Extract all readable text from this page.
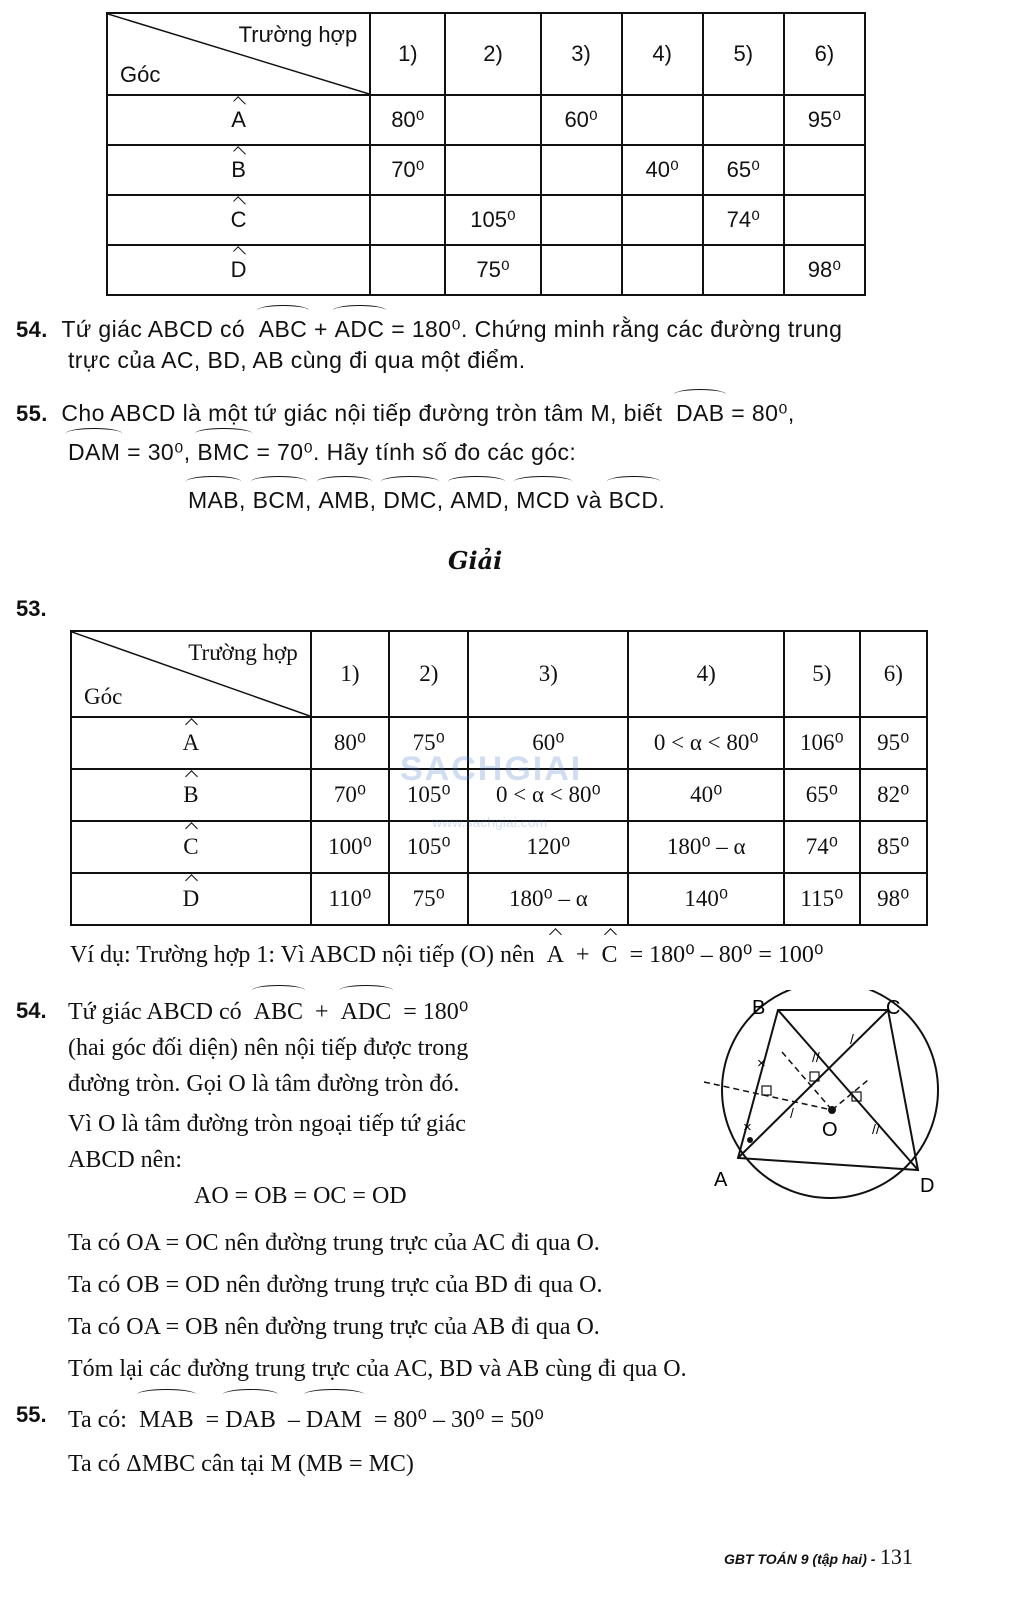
Trường hợp
Góc	1)	2)	3)	4)	5)	6)
A	80⁰		60⁰			95⁰
B	70⁰			40⁰	65⁰	
C		105⁰			74⁰	
D		75⁰				98⁰
54. Tứ giác ABCD có ABC + ADC = 180⁰. Chứng minh rằng các đường trung
trực của AC, BD, AB cùng đi qua một điểm.
55. Cho ABCD là một tứ giác nội tiếp đường tròn tâm M, biết DAB = 80⁰,
DAM = 30⁰, BMC = 70⁰. Hãy tính số đo các góc:
MAB, BCM, AMB, DMC, AMD, MCD và BCD.
Giải
53.
Trường hợp
Góc	1)	2)	3)	4)	5)	6)
A	80⁰	75⁰	60⁰	0 < α < 80⁰	106⁰	95⁰
B	70⁰	105⁰	0 < α < 80⁰	40⁰	65⁰	82⁰
C	100⁰	105⁰	120⁰	180⁰ – α	74⁰	85⁰
D	110⁰	75⁰	180⁰ – α	140⁰	115⁰	98⁰
SACHGIAI
www.sachgiai.com
Ví dụ: Trường hợp 1: Vì ABCD nội tiếp (O) nên A + C = 180⁰ – 80⁰ = 100⁰
54. Tứ giác ABCD có ABC + ADC = 180⁰
(hai góc đối diện) nên nội tiếp được trong
đường tròn. Gọi O là tâm đường tròn đó.
Vì O là tâm đường tròn ngoại tiếp tứ giác
ABCD nên:
AO = OB = OC = OD
Ta có OA = OC nên đường trung trực của AC đi qua O.
Ta có OB = OD nên đường trung trực của BD đi qua O.
Ta có OA = OB nên đường trung trực của AB đi qua O.
Tóm lại các đường trung trực của AC, BD và AB cùng đi qua O.
×
×
//
//
/
/
A
B	C
D
O
55. Ta có: MAB  = DAB  – DAM = 80⁰ – 30⁰ = 50⁰
Ta có ΔMBC cân tại M (MB = MC)
GBT TOÁN 9 (tập hai) - 131
